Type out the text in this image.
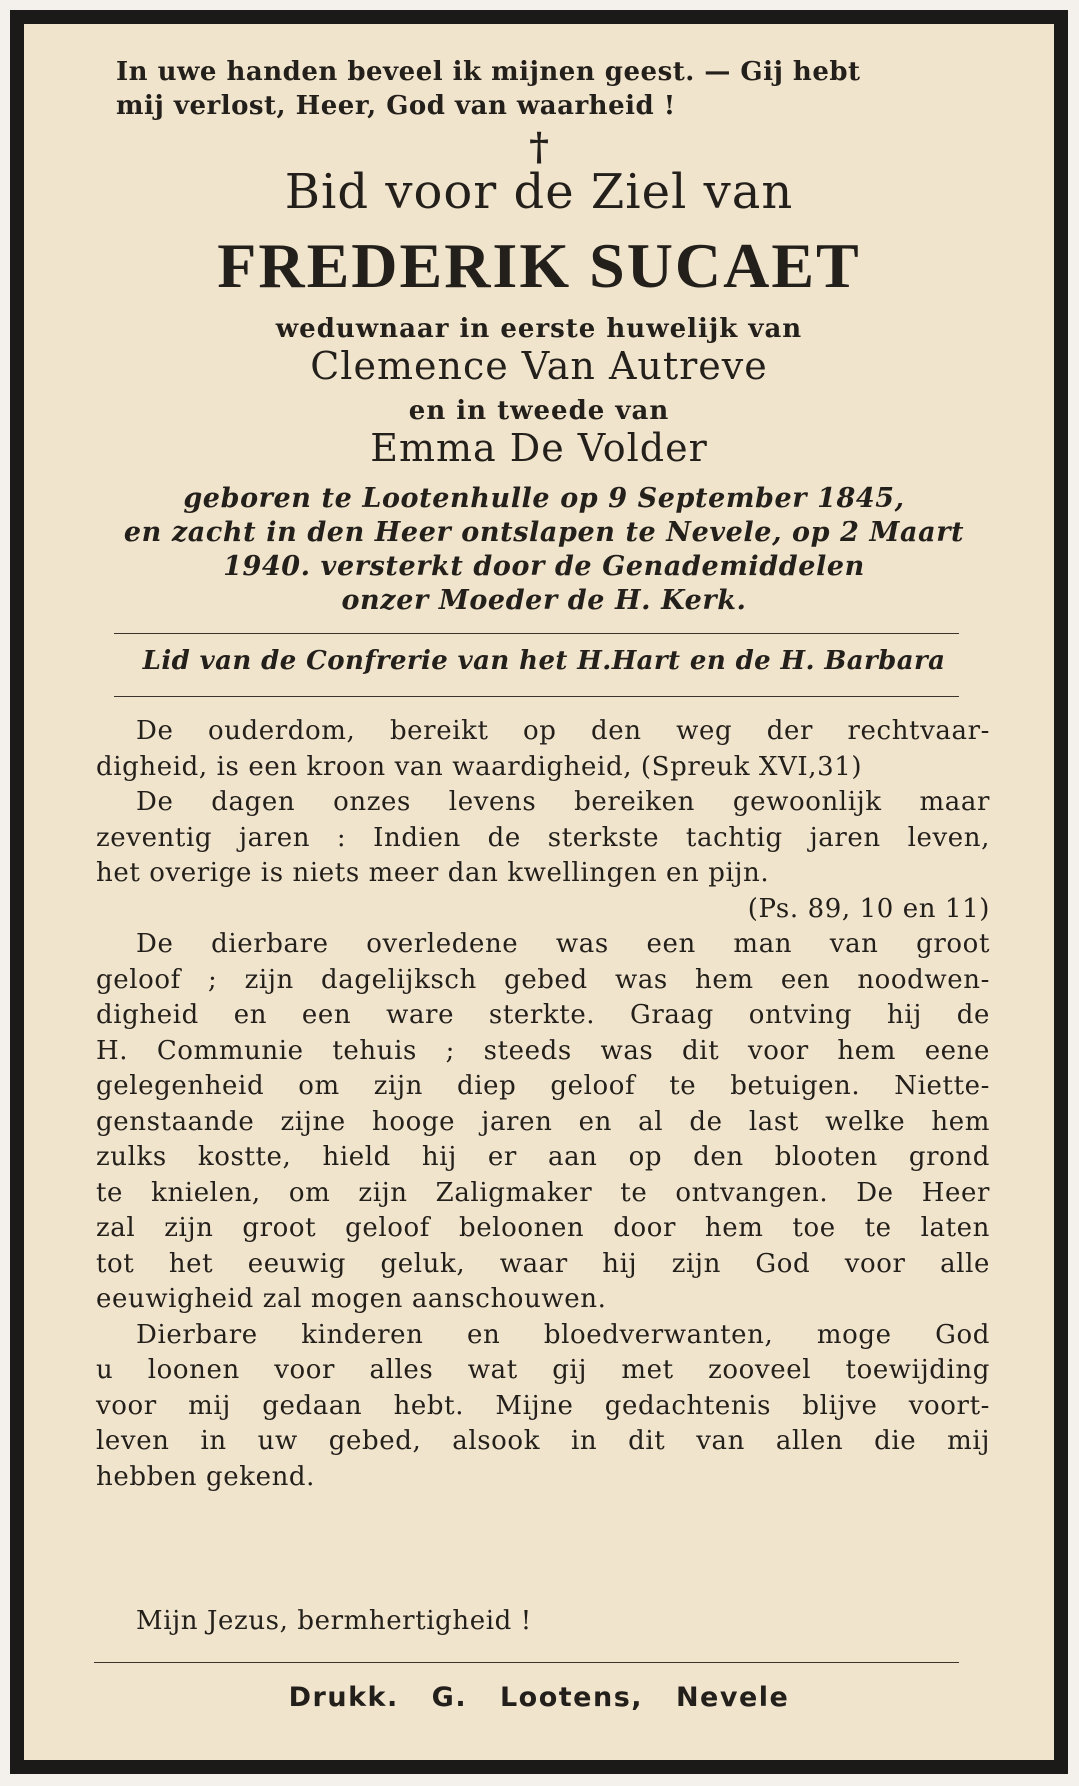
In uwe handen beveel ik mijnen geest. — Gij hebt
mij verlost, Heer, God van waarheid !
†
Bid voor de Ziel van
FREDERIK SUCAET
weduwnaar in eerste huwelijk van
Clemence Van Autreve
en in tweede van
Emma De Volder
geboren te Lootenhulle op 9 September 1845,
en zacht in den Heer ontslapen te Nevele, op 2 Maart
1940. versterkt door de Genademiddelen
onzer Moeder de H. Kerk.
Lid van de Confrerie van het H.Hart en de H. Barbara
De ouderdom, bereikt op den weg der rechtvaar-
digheid, is een kroon van waardigheid, (Spreuk XVI,31)
De dagen onzes levens bereiken gewoonlijk maar
zeventig jaren : Indien de sterkste tachtig jaren leven,
het overige is niets meer dan kwellingen en pijn.
(Ps. 89, 10 en 11)
De dierbare overledene was een man van groot
geloof ; zijn dagelijksch gebed was hem een noodwen-
digheid en een ware sterkte. Graag ontving hij de
H. Communie tehuis ; steeds was dit voor hem eene
gelegenheid om zijn diep geloof te betuigen. Niette-
genstaande zijne hooge jaren en al de last welke hem
zulks kostte, hield hij er aan op den blooten grond
te knielen, om zijn Zaligmaker te ontvangen. De Heer
zal zijn groot geloof beloonen door hem toe te laten
tot het eeuwig geluk, waar hij zijn God voor alle
eeuwigheid zal mogen aanschouwen.
Dierbare kinderen en bloedverwanten, moge God
u loonen voor alles wat gij met zooveel toewijding
voor mij gedaan hebt. Mijne gedachtenis blijve voort-
leven in uw gebed, alsook in dit van allen die mij
hebben gekend.
Mijn Jezus, bermhertigheid !
Drukk. G. Lootens, Nevele
